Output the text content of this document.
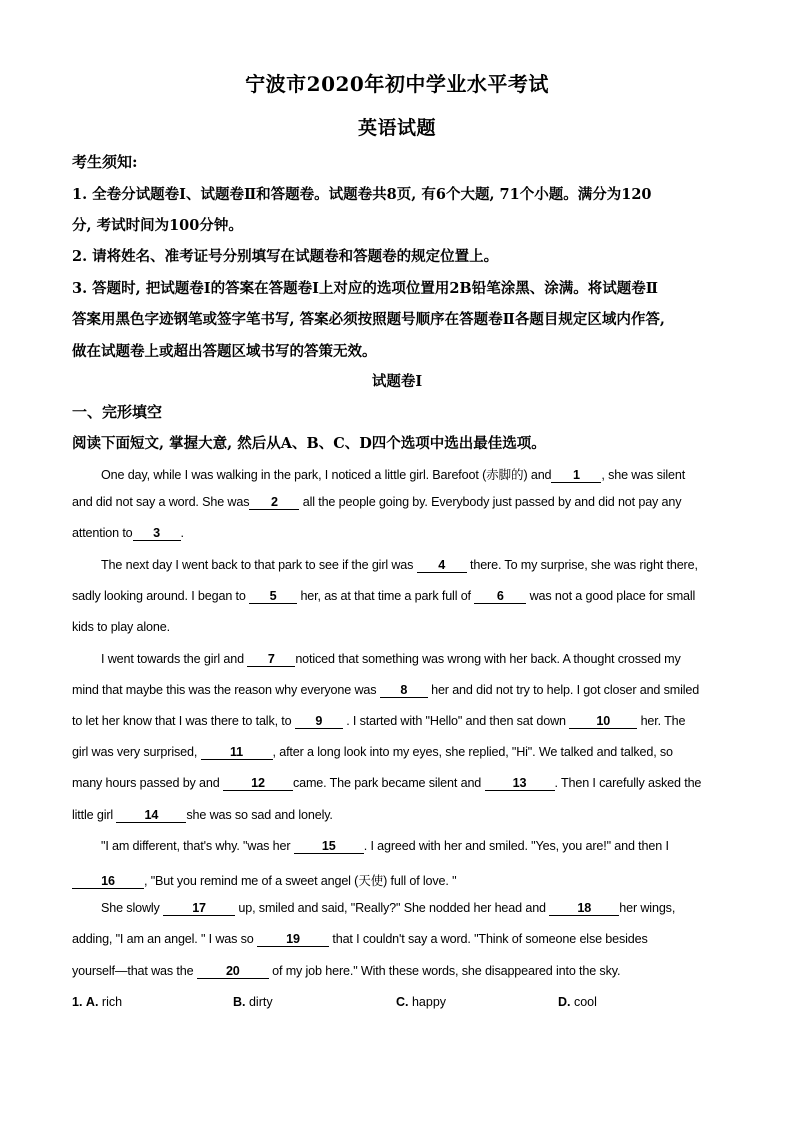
宁波市2020年初中学业水平考试
英语试题
考生须知:
1. 全卷分试题卷I、试题卷Ⅱ和答题卷。试题卷共8页, 有6个大题, 71个小题。满分为120
分, 考试时间为100分钟。
2. 请将姓名、准考证号分别填写在试题卷和答题卷的规定位置上。
3. 答题时, 把试题卷I的答案在答题卷I上对应的选项位置用2B铅笔涂黑、涂满。将试题卷Ⅱ
答案用黑色字迹钢笔或签字笔书写, 答案必须按照题号顺序在答题卷Ⅱ各题目规定区域内作答,
做在试题卷上或超出答题区域书写的答策无效。
试题卷I
一、完形填空
阅读下面短文, 掌握大意, 然后从A、B、C、D四个选项中选出最佳选项。
One day, while I was walking in the park, I noticed a little girl. Barefoot (赤脚的) and 1 , she was silent
and did not say a word. She was 2 all the people going by. Everybody just passed by and did not pay any
attention to 3 .
The next day I went back to that park to see if the girl was 4 there. To my surprise, she was right there,
sadly looking around. I began to 5 her, as at that time a park full of 6 was not a good place for small
kids to play alone.
I went towards the girl and 7 noticed that something was wrong with her back. A thought crossed my
mind that maybe this was the reason why everyone was 8 her and did not try to help. I got closer and smiled
to let her know that I was there to talk, to 9 . I started with "Hello" and then sat down 10 her. The
girl was very surprised, 11 , after a long look into my eyes, she replied, "Hi". We talked and talked, so
many hours passed by and 12 came. The park became silent and 13 . Then I carefully asked the
little girl 14 she was so sad and lonely.
"I am different, that's why. "was her 15 . I agreed with her and smiled. "Yes, you are!" and then I
16 , "But you remind me of a sweet angel (天使) full of love. "
She slowly 17 up, smiled and said, "Really?" She nodded her head and 18 her wings,
adding, "I am an angel. " I was so 19 that I couldn't say a word. "Think of someone else besides
yourself—that was the 20 of my job here." With these words, she disappeared into the sky.
1. A. rich	B. dirty	C. happy	D. cool
